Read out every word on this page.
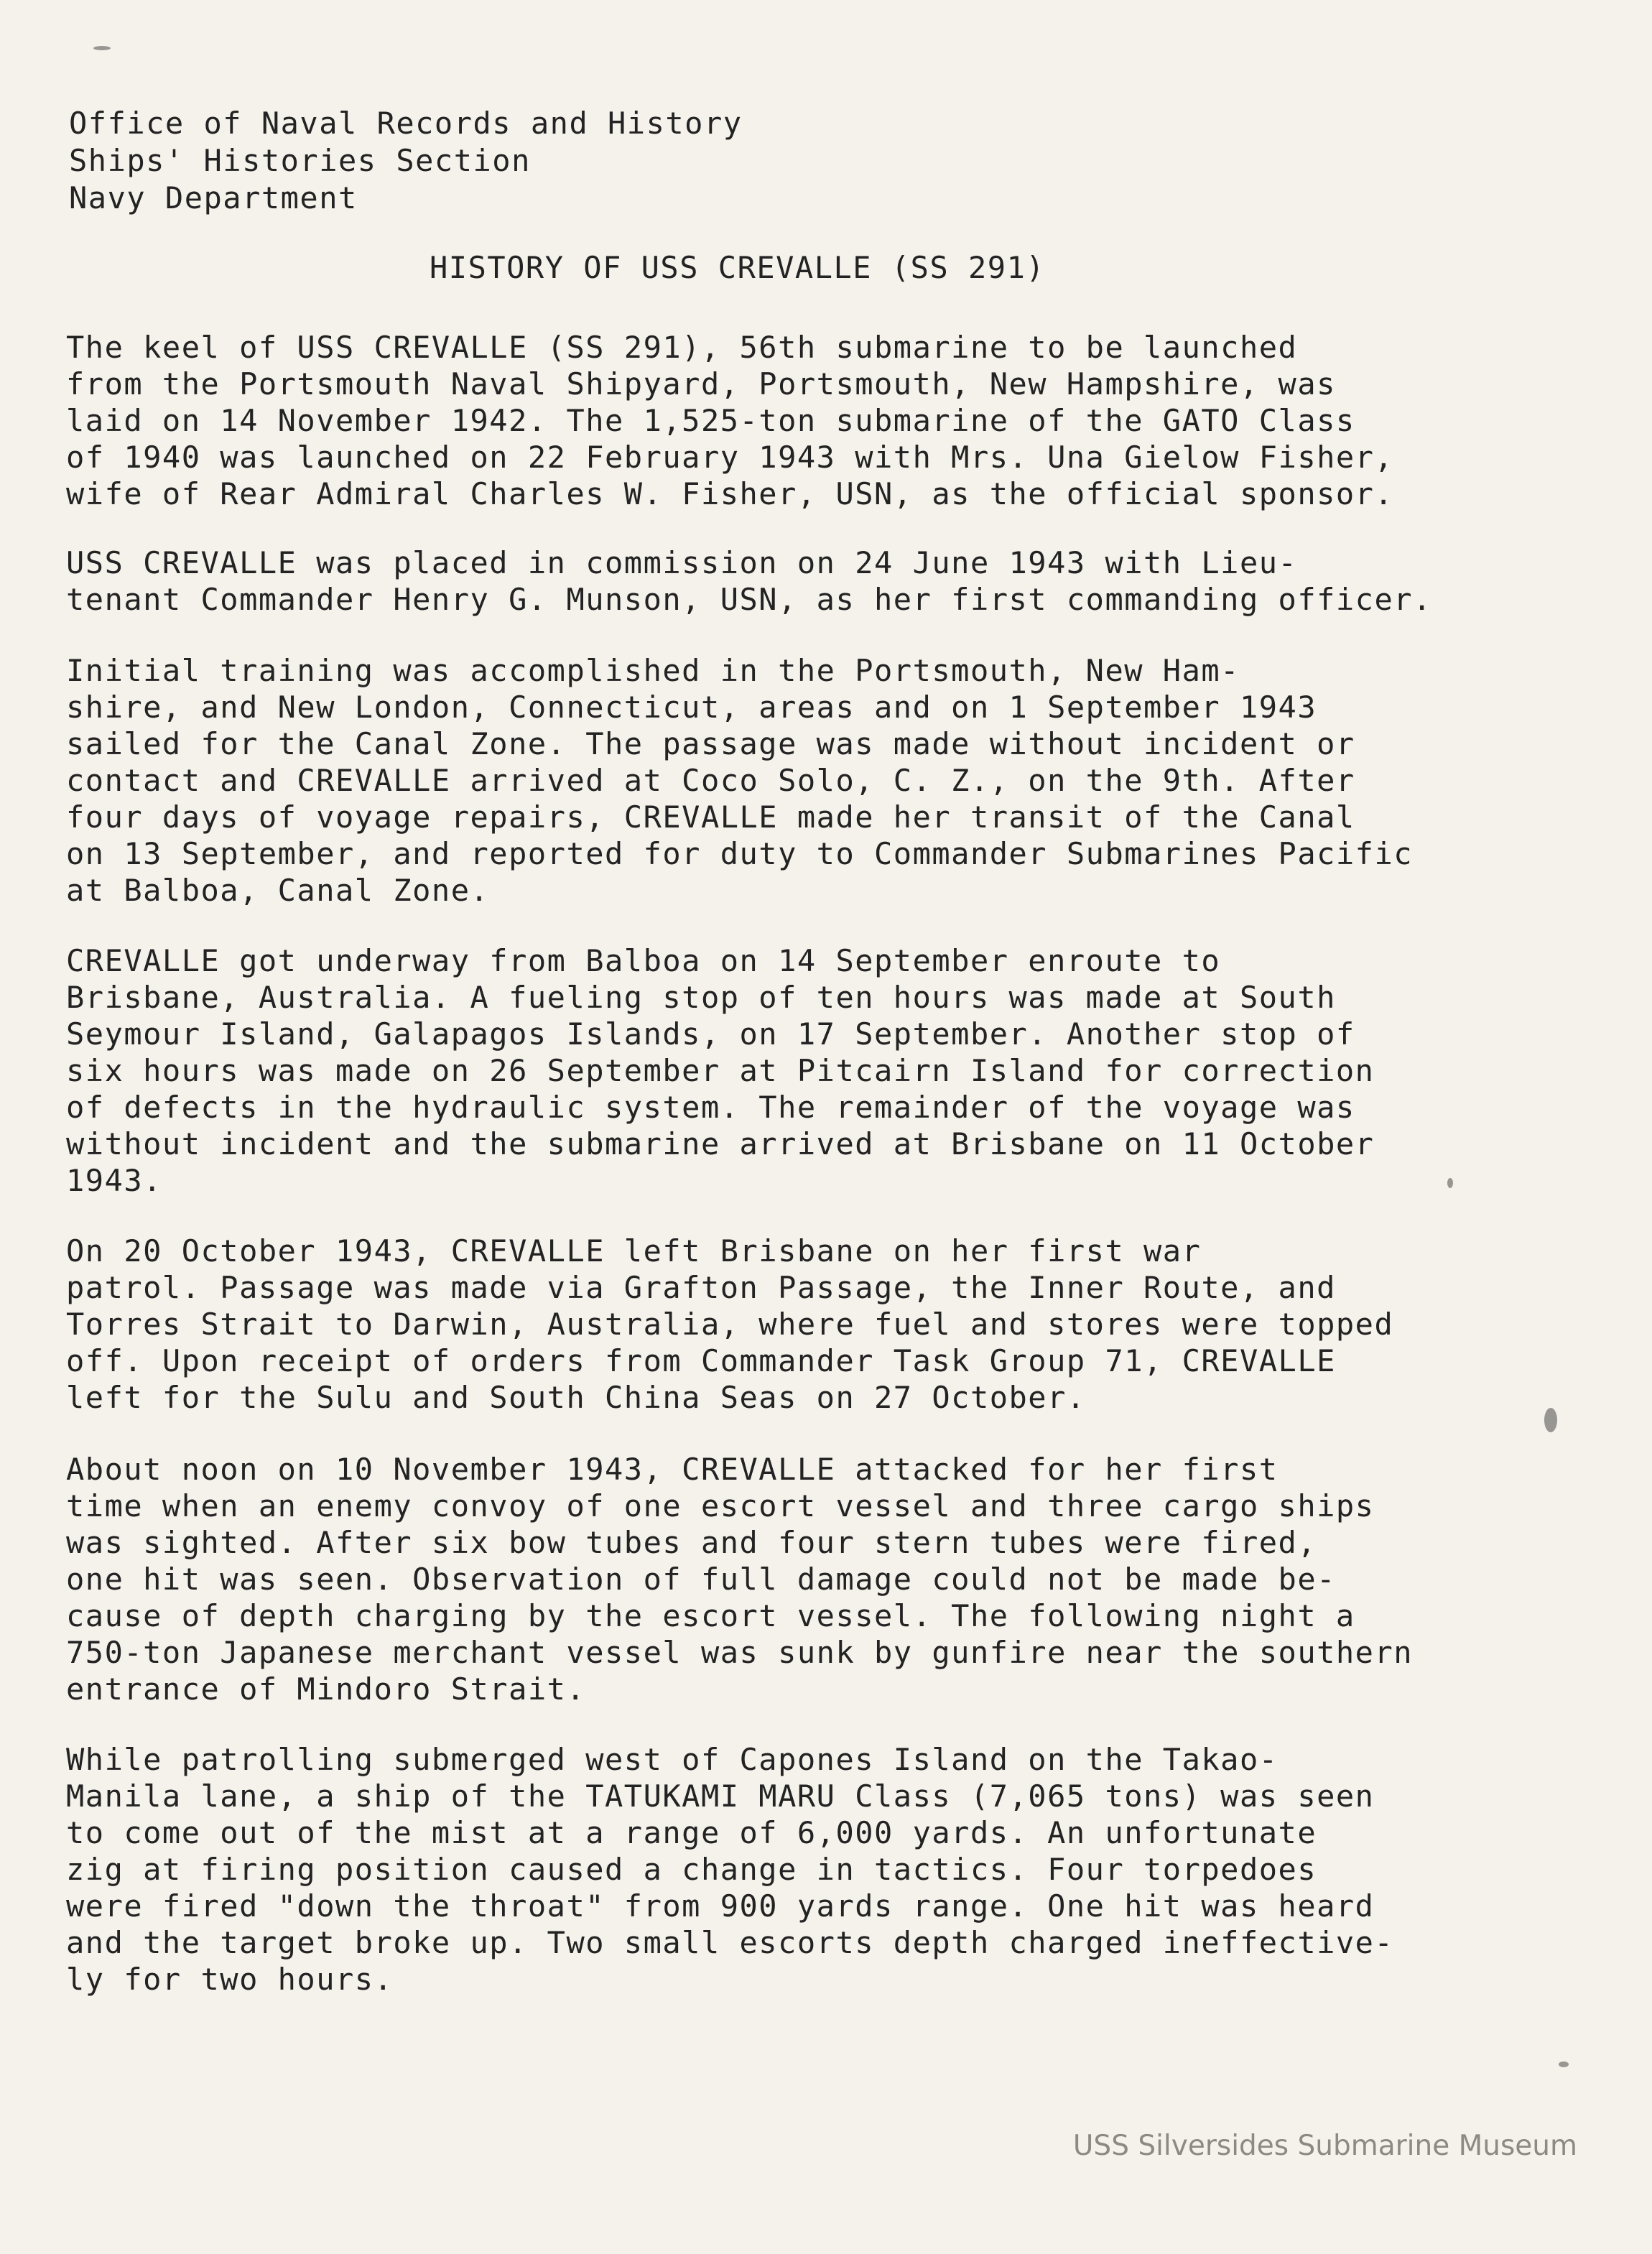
Office of Naval Records and History
Ships' Histories Section
Navy Department
HISTORY OF USS CREVALLE (SS 291)

The keel of USS CREVALLE (SS 291), 56th submarine to be launched
from the Portsmouth Naval Shipyard, Portsmouth, New Hampshire, was
laid on 14 November 1942. The 1,525-ton submarine of the GATO Class
of 1940 was launched on 22 February 1943 with Mrs. Una Gielow Fisher,
wife of Rear Admiral Charles W. Fisher, USN, as the official sponsor.

USS CREVALLE was placed in commission on 24 June 1943 with Lieu-
tenant Commander Henry G. Munson, USN, as her first commanding officer.

Initial training was accomplished in the Portsmouth, New Ham-
shire, and New London, Connecticut, areas and on 1 September 1943
sailed for the Canal Zone. The passage was made without incident or
contact and CREVALLE arrived at Coco Solo, C. Z., on the 9th. After
four days of voyage repairs, CREVALLE made her transit of the Canal
on 13 September, and reported for duty to Commander Submarines Pacific
at Balboa, Canal Zone.

CREVALLE got underway from Balboa on 14 September enroute to
Brisbane, Australia. A fueling stop of ten hours was made at South
Seymour Island, Galapagos Islands, on 17 September. Another stop of
six hours was made on 26 September at Pitcairn Island for correction
of defects in the hydraulic system. The remainder of the voyage was
without incident and the submarine arrived at Brisbane on 11 October
1943.

On 20 October 1943, CREVALLE left Brisbane on her first war
patrol. Passage was made via Grafton Passage, the Inner Route, and
Torres Strait to Darwin, Australia, where fuel and stores were topped
off. Upon receipt of orders from Commander Task Group 71, CREVALLE
left for the Sulu and South China Seas on 27 October.

About noon on 10 November 1943, CREVALLE attacked for her first
time when an enemy convoy of one escort vessel and three cargo ships
was sighted. After six bow tubes and four stern tubes were fired,
one hit was seen. Observation of full damage could not be made be-
cause of depth charging by the escort vessel. The following night a
750-ton Japanese merchant vessel was sunk by gunfire near the southern
entrance of Mindoro Strait.

While patrolling submerged west of Capones Island on the Takao-
Manila lane, a ship of the TATUKAMI MARU Class (7,065 tons) was seen
to come out of the mist at a range of 6,000 yards. An unfortunate
zig at firing position caused a change in tactics. Four torpedoes
were fired "down the throat" from 900 yards range. One hit was heard
and the target broke up. Two small escorts depth charged ineffective-
ly for two hours.

USS Silversides Submarine Museum
